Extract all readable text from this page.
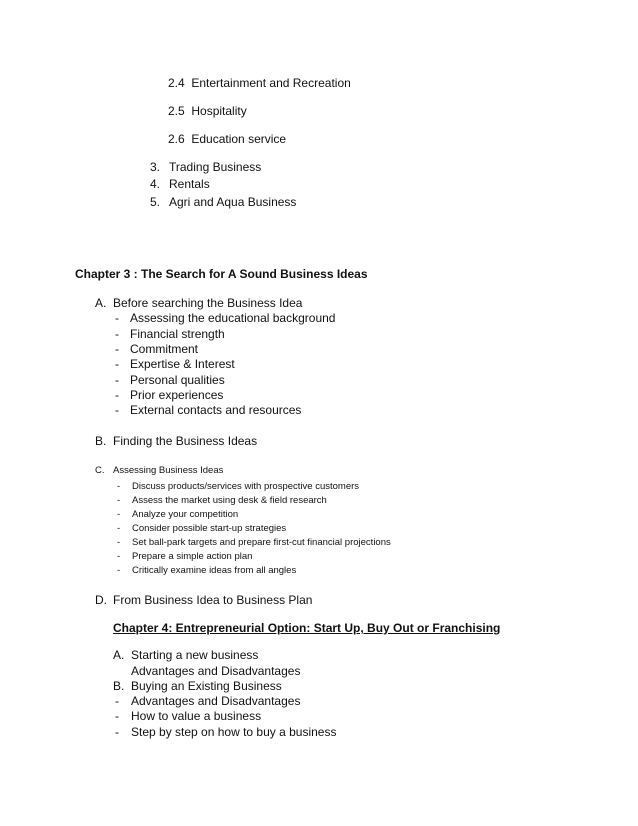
2.4 Entertainment and Recreation
2.5 Hospitality
2.6 Education service
3. Trading Business
4. Rentals
5. Agri and Aqua Business
Chapter 3 : The Search for A Sound Business Ideas
A. Before searching the Business Idea
- Assessing the educational background
- Financial strength
- Commitment
- Expertise & Interest
- Personal qualities
- Prior experiences
- External contacts and resources
B. Finding the Business Ideas
C. Assessing Business Ideas
- Discuss products/services with prospective customers
- Assess the market using desk & field research
- Analyze your competition
- Consider possible start-up strategies
- Set ball-park targets and prepare first-cut financial projections
- Prepare a simple action plan
- Critically examine ideas from all angles
D. From Business Idea to Business Plan
Chapter 4: Entrepreneurial Option: Start Up, Buy Out or Franchising
A. Starting a new business
Advantages and Disadvantages
B. Buying an Existing Business
- Advantages and Disadvantages
- How to value a business
- Step by step on how to buy a business
